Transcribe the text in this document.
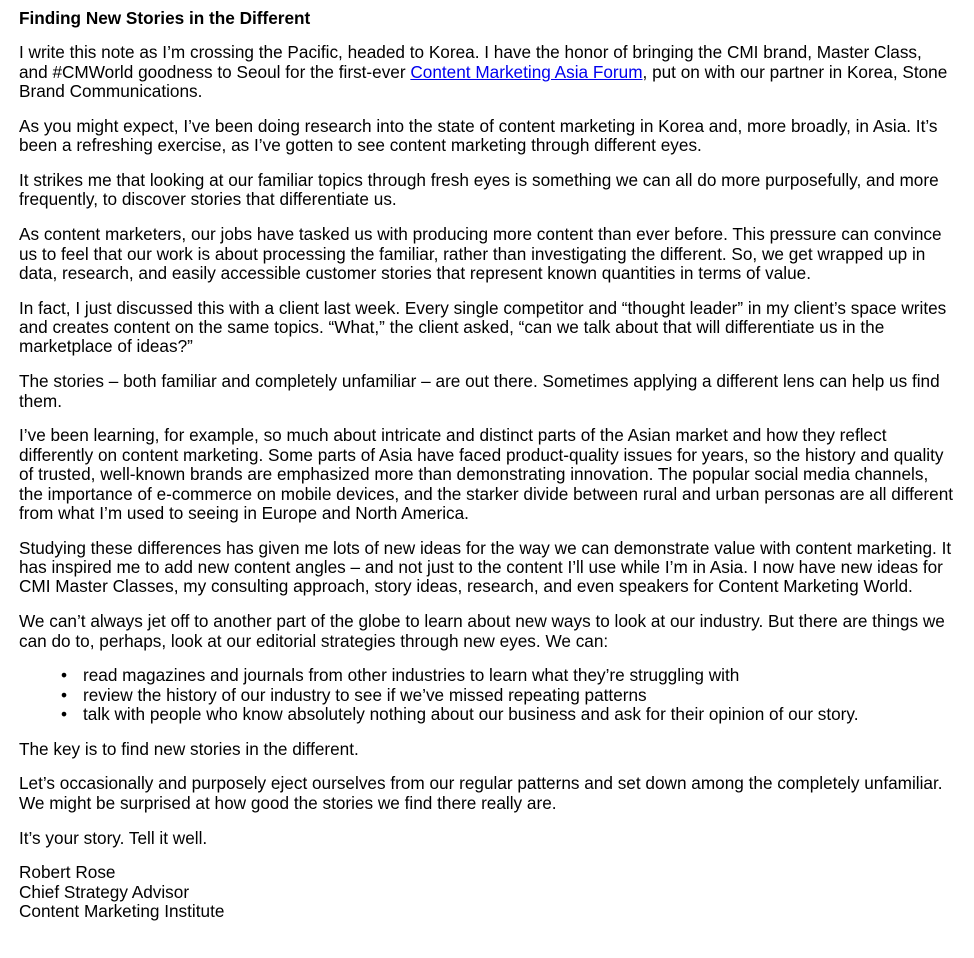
Finding New Stories in the Different

I write this note as I’m crossing the Pacific, headed to Korea. I have the honor of bringing the CMI brand, Master Class, and #CMWorld goodness to Seoul for the first-ever Content Marketing Asia Forum, put on with our partner in Korea, Stone Brand Communications.

As you might expect, I’ve been doing research into the state of content marketing in Korea and, more broadly, in Asia. It’s been a refreshing exercise, as I’ve gotten to see content marketing through different eyes.

It strikes me that looking at our familiar topics through fresh eyes is something we can all do more purposefully, and more frequently, to discover stories that differentiate us.

As content marketers, our jobs have tasked us with producing more content than ever before. This pressure can convince us to feel that our work is about processing the familiar, rather than investigating the different. So, we get wrapped up in data, research, and easily accessible customer stories that represent known quantities in terms of value.

In fact, I just discussed this with a client last week. Every single competitor and “thought leader” in my client’s space writes and creates content on the same topics. “What,” the client asked, “can we talk about that will differentiate us in the marketplace of ideas?”

The stories – both familiar and completely unfamiliar – are out there. Sometimes applying a different lens can help us find them.

I’ve been learning, for example, so much about intricate and distinct parts of the Asian market and how they reflect differently on content marketing. Some parts of Asia have faced product-quality issues for years, so the history and quality of trusted, well-known brands are emphasized more than demonstrating innovation. The popular social media channels, the importance of e-commerce on mobile devices, and the starker divide between rural and urban personas are all different from what I’m used to seeing in Europe and North America.

Studying these differences has given me lots of new ideas for the way we can demonstrate value with content marketing. It has inspired me to add new content angles – and not just to the content I’ll use while I’m in Asia. I now have new ideas for CMI Master Classes, my consulting approach, story ideas, research, and even speakers for Content Marketing World.

We can’t always jet off to another part of the globe to learn about new ways to look at our industry. But there are things we can do to, perhaps, look at our editorial strategies through new eyes. We can:

• read magazines and journals from other industries to learn what they’re struggling with
• review the history of our industry to see if we’ve missed repeating patterns
• talk with people who know absolutely nothing about our business and ask for their opinion of our story.

The key is to find new stories in the different.

Let’s occasionally and purposely eject ourselves from our regular patterns and set down among the completely unfamiliar. We might be surprised at how good the stories we find there really are.

It’s your story. Tell it well.

Robert Rose
Chief Strategy Advisor
Content Marketing Institute
